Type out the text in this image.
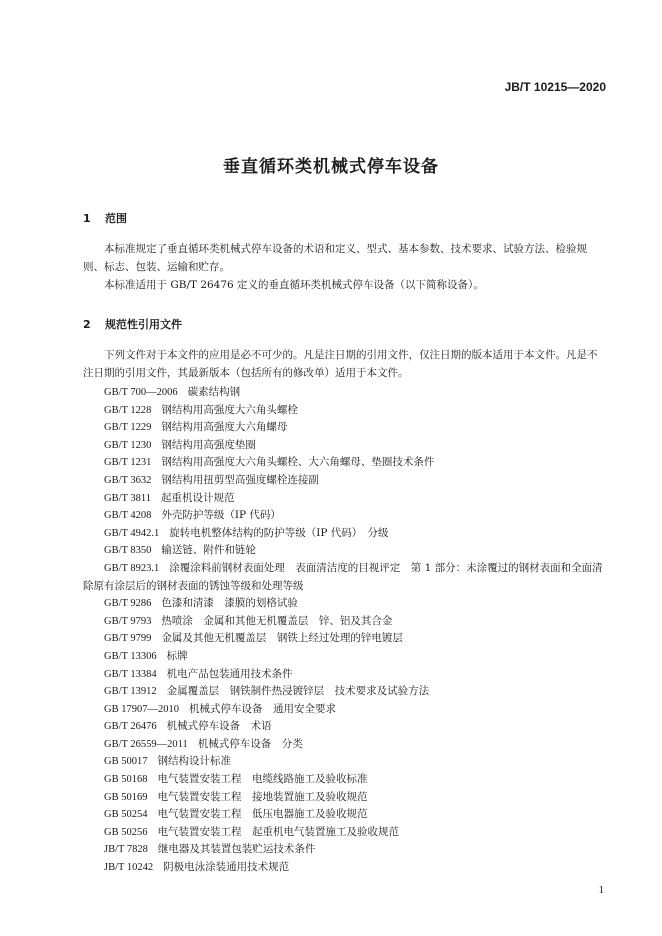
JB/T 10215—2020
垂直循环类机械式停车设备
1 范围
本标准规定了垂直循环类机械式停车设备的术语和定义、型式、基本参数、技术要求、试验方法、检验规则、标志、包装、运输和贮存。
本标准适用于 GB/T 26476 定义的垂直循环类机械式停车设备（以下简称设备）。
2 规范性引用文件
下列文件对于本文件的应用是必不可少的。凡是注日期的引用文件，仅注日期的版本适用于本文件。凡是不注日期的引用文件，其最新版本（包括所有的修改单）适用于本文件。
GB/T 700—2006 碳素结构钢
GB/T 1228 钢结构用高强度大六角头螺栓
GB/T 1229 钢结构用高强度大六角螺母
GB/T 1230 钢结构用高强度垫圈
GB/T 1231 钢结构用高强度大六角头螺栓、大六角螺母、垫圈技术条件
GB/T 3632 钢结构用扭剪型高强度螺栓连接副
GB/T 3811 起重机设计规范
GB/T 4208 外壳防护等级（IP 代码）
GB/T 4942.1 旋转电机整体结构的防护等级（IP 代码）　分级
GB/T 8350 输送链、附件和链轮
GB/T 8923.1 涂覆涂料前钢材表面处理　表面清洁度的目视评定　第 1 部分：未涂覆过的钢材表面和全面清除原有涂层后的钢材表面的锈蚀等级和处理等级
GB/T 9286 色漆和清漆　漆膜的划格试验
GB/T 9793 热喷涂　金属和其他无机覆盖层　锌、铝及其合金
GB/T 9799 金属及其他无机覆盖层　钢铁上经过处理的锌电镀层
GB/T 13306 标牌
GB/T 13384 机电产品包装通用技术条件
GB/T 13912 金属覆盖层　钢铁制件热浸镀锌层　技术要求及试验方法
GB 17907—2010 机械式停车设备　通用安全要求
GB/T 26476 机械式停车设备　术语
GB/T 26559—2011 机械式停车设备　分类
GB 50017 钢结构设计标准
GB 50168 电气装置安装工程　电缆线路施工及验收标准
GB 50169 电气装置安装工程　接地装置施工及验收规范
GB 50254 电气装置安装工程　低压电器施工及验收规范
GB 50256 电气装置安装工程　起重机电气装置施工及验收规范
JB/T 7828 继电器及其装置包装贮运技术条件
JB/T 10242 阴极电泳涂装通用技术规范
1
